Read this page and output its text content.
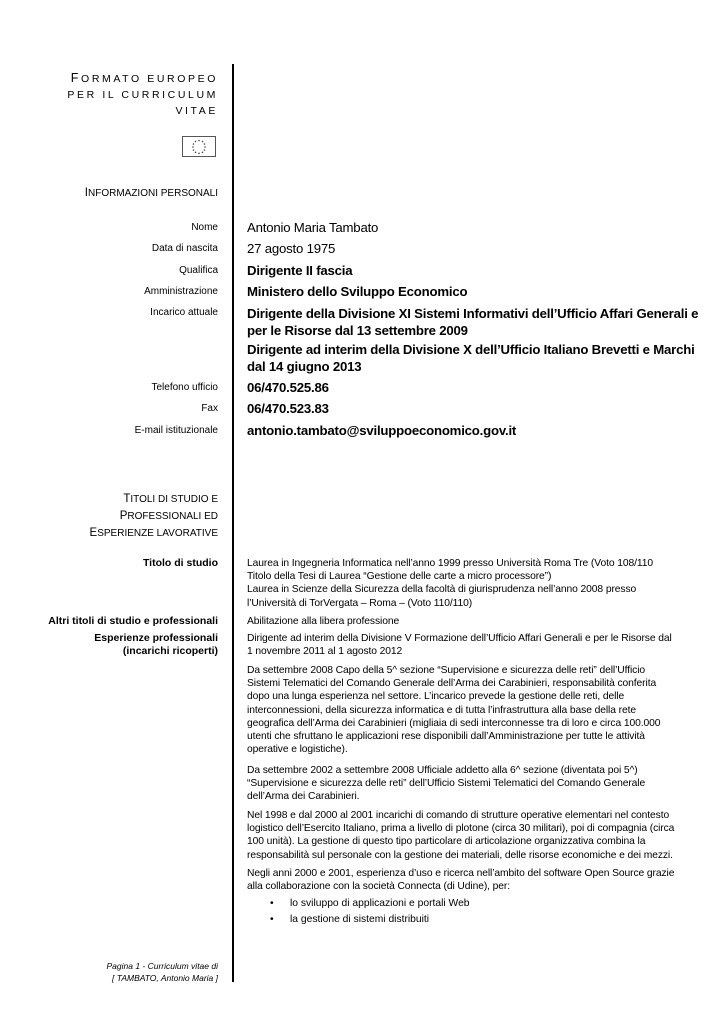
FORMATO EUROPEO
PER IL CURRICULUM
VITAE
INFORMAZIONI PERSONALI
Nome Antonio Maria Tambato
Data di nascita 27 agosto 1975
Qualifica Dirigente II fascia
Amministrazione Ministero dello Sviluppo Economico
Incarico attuale Dirigente della Divisione XI Sistemi Informativi dell’Ufficio Affari Generali e
per le Risorse dal 13 settembre 2009
Dirigente ad interim della Divisione X dell’Ufficio Italiano Brevetti e Marchi
dal 14 giugno 2013
Telefono ufficio 06/470.525.86
Fax 06/470.523.83
E-mail istituzionale antonio.tambato@sviluppoeconomico.gov.it
TITOLI DI STUDIO E
PROFESSIONALI ED
ESPERIENZE LAVORATIVE
Titolo di studio	Laurea in Ingegneria Informatica nell’anno 1999 presso Università Roma Tre (Voto 108/110
Titolo della Tesi di Laurea “Gestione delle carte a micro processore”)
Laurea in Scienze della Sicurezza della facoltà di giurisprudenza nell’anno 2008 presso
l’Università di TorVergata – Roma – (Voto 110/110)
Altri titoli di studio e professionali	Abilitazione alla libera professione
Esperienze professionali
(incarichi ricoperti)
Dirigente ad interim della Divisione V Formazione dell’Ufficio Affari Generali e per le Risorse dal
1 novembre 2011 al 1 agosto 2012
Da settembre 2008 Capo della 5^ sezione “Supervisione e sicurezza delle reti” dell’Ufficio
Sistemi Telematici del Comando Generale dell’Arma dei Carabinieri, responsabilità conferita
dopo una lunga esperienza nel settore. L’incarico prevede la gestione delle reti, delle
interconnessioni, della sicurezza informatica e di tutta l’infrastruttura alla base della rete
geografica dell’Arma dei Carabinieri (migliaia di sedi interconnesse tra di loro e circa 100.000
utenti che sfruttano le applicazioni rese disponibili dall’Amministrazione per tutte le attività
operative e logistiche).
Da settembre 2002 a settembre 2008 Ufficiale addetto alla 6^ sezione (diventata poi 5^)
“Supervisione e sicurezza delle reti” dell’Ufficio Sistemi Telematici del Comando Generale
dell’Arma dei Carabinieri.
Nel 1998 e dal 2000 al 2001 incarichi di comando di strutture operative elementari nel contesto
logistico dell’Esercito Italiano, prima a livello di plotone (circa 30 militari), poi di compagnia (circa
100 unità). La gestione di questo tipo particolare di articolazione organizzativa combina la
responsabilità sul personale con la gestione dei materiali, delle risorse economiche e dei mezzi.
Negli anni 2000 e 2001, esperienza d’uso e ricerca nell’ambito del software Open Source grazie
alla collaborazione con la società Connecta (di Udine), per:
• lo sviluppo di applicazioni e portali Web
• la gestione di sistemi distribuiti
Pagina 1 - Curriculum vitae di
[ TAMBATO, Antonio Maria ]
